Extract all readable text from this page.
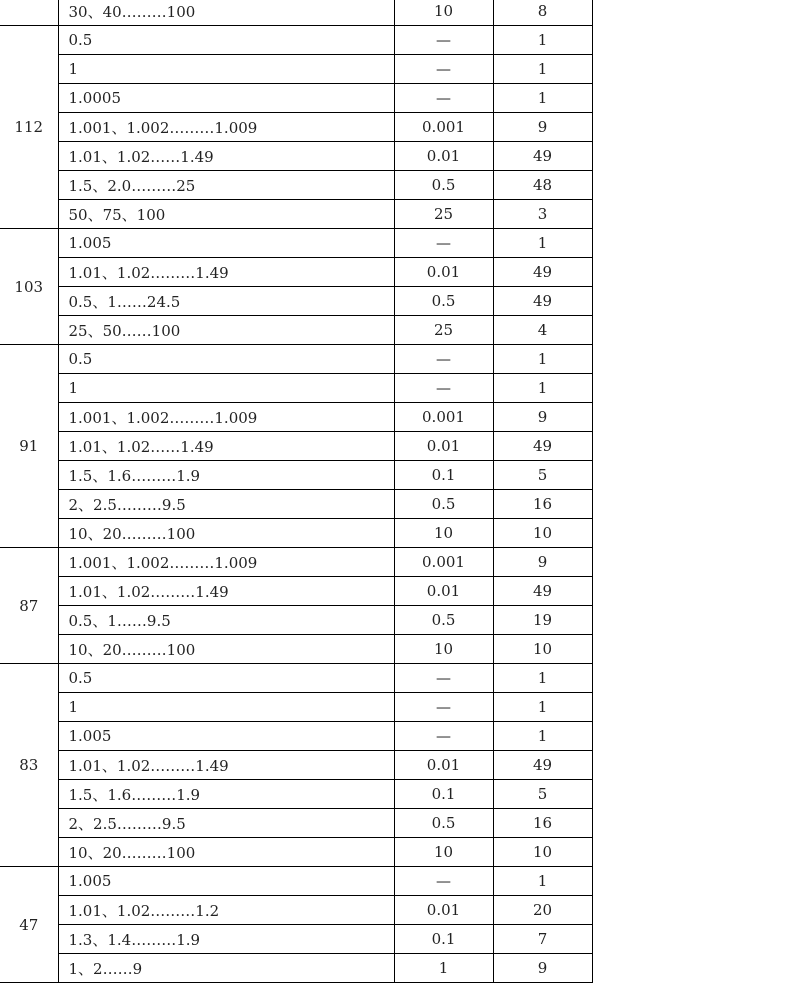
	30、40………100	10	8
112	0.5	—	1
	1	—	1
	1.0005	—	1
	1.001、1.002………1.009	0.001	9
	1.01、1.02……1.49	0.01	49
	1.5、2.0………25	0.5	48
	50、75、100	25	3
103	1.005	—	1
	1.01、1.02………1.49	0.01	49
	0.5、1……24.5	0.5	49
	25、50……100	25	4
91	0.5	—	1
	1	—	1
	1.001、1.002………1.009	0.001	9
	1.01、1.02……1.49	0.01	49
	1.5、1.6………1.9	0.1	5
	2、2.5………9.5	0.5	16
	10、20………100	10	10
87	1.001、1.002………1.009	0.001	9
	1.01、1.02………1.49	0.01	49
	0.5、1……9.5	0.5	19
	10、20………100	10	10
83	0.5	—	1
	1	—	1
	1.005	—	1
	1.01、1.02………1.49	0.01	49
	1.5、1.6………1.9	0.1	5
	2、2.5………9.5	0.5	16
	10、20………100	10	10
47	1.005	—	1
	1.01、1.02………1.2	0.01	20
	1.3、1.4………1.9	0.1	7
	1、2……9	1	9
